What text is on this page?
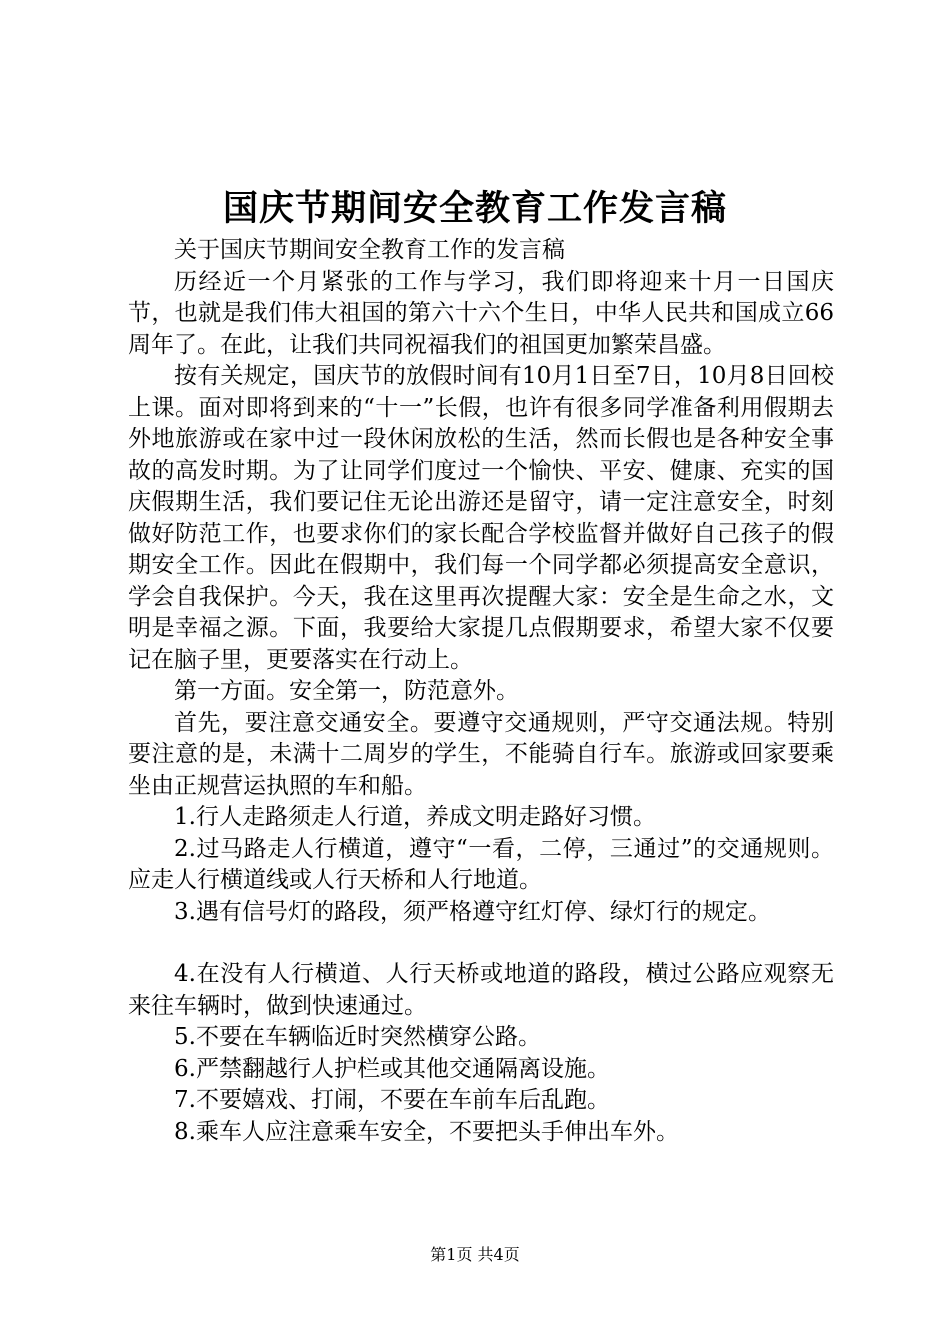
国庆节期间安全教育工作发言稿

关于国庆节期间安全教育工作的发言稿

历经近一个月紧张的工作与学习，我们即将迎来十月一日国庆节，也就是我们伟大祖国的第六十六个生日，中华人民共和国成立66周年了。在此，让我们共同祝福我们的祖国更加繁荣昌盛。

按有关规定，国庆节的放假时间有10月1日至7日，10月8日回校上课。面对即将到来的“十一”长假，也许有很多同学准备利用假期去外地旅游或在家中过一段休闲放松的生活，然而长假也是各种安全事故的高发时期。为了让同学们度过一个愉快、平安、健康、充实的国庆假期生活，我们要记住无论出游还是留守，请一定注意安全，时刻做好防范工作，也要求你们的家长配合学校监督并做好自己孩子的假期安全工作。因此在假期中，我们每一个同学都必须提高安全意识，学会自我保护。今天，我在这里再次提醒大家：安全是生命之水，文明是幸福之源。下面，我要给大家提几点假期要求，希望大家不仅要记在脑子里，更要落实在行动上。

第一方面。安全第一，防范意外。

首先，要注意交通安全。要遵守交通规则，严守交通法规。特别要注意的是，未满十二周岁的学生，不能骑自行车。旅游或回家要乘坐由正规营运执照的车和船。

1.行人走路须走人行道，养成文明走路好习惯。

2.过马路走人行横道，遵守“一看，二停，三通过”的交通规则。应走人行横道线或人行天桥和人行地道。

3.遇有信号灯的路段，须严格遵守红灯停、绿灯行的规定。

4.在没有人行横道、人行天桥或地道的路段，横过公路应观察无来往车辆时，做到快速通过。

5.不要在车辆临近时突然横穿公路。

6.严禁翻越行人护栏或其他交通隔离设施。

7.不要嬉戏、打闹，不要在车前车后乱跑。

8.乘车人应注意乘车安全，不要把头手伸出车外。

第1页 共4页
